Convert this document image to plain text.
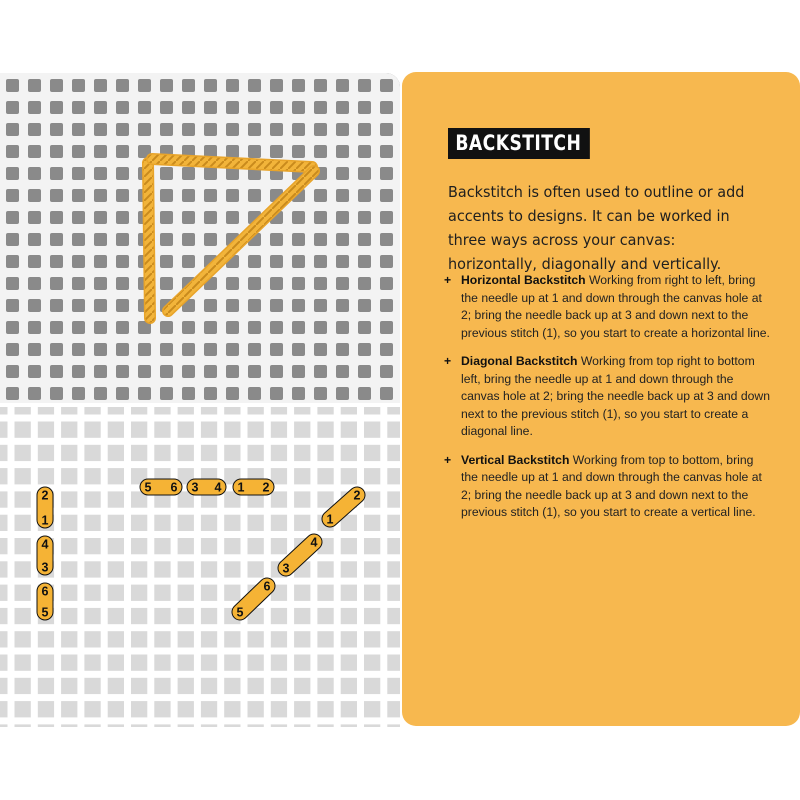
5 6 3 4 1 2
2
1
4
3
6
5
2
1
4
3
6
5
BACKSTITCH
Backstitch is often used to outline or add accents to designs. It can be worked in three ways across your canvas: horizontally, diagonally and vertically.
+ Horizontal Backstitch Working from right to left, bring the needle up at 1 and down through the canvas hole at 2; bring the needle back up at 3 and down next to the previous stitch (1), so you start to create a horizontal line.
+ Diagonal Backstitch Working from top right to bottom left, bring the needle up at 1 and down through the canvas hole at 2; bring the needle back up at 3 and down next to the previous stitch (1), so you start to create a diagonal line.
+ Vertical Backstitch Working from top to bottom, bring the needle up at 1 and down through the canvas hole at 2; bring the needle back up at 3 and down next to the previous stitch (1), so you start to create a vertical line.
